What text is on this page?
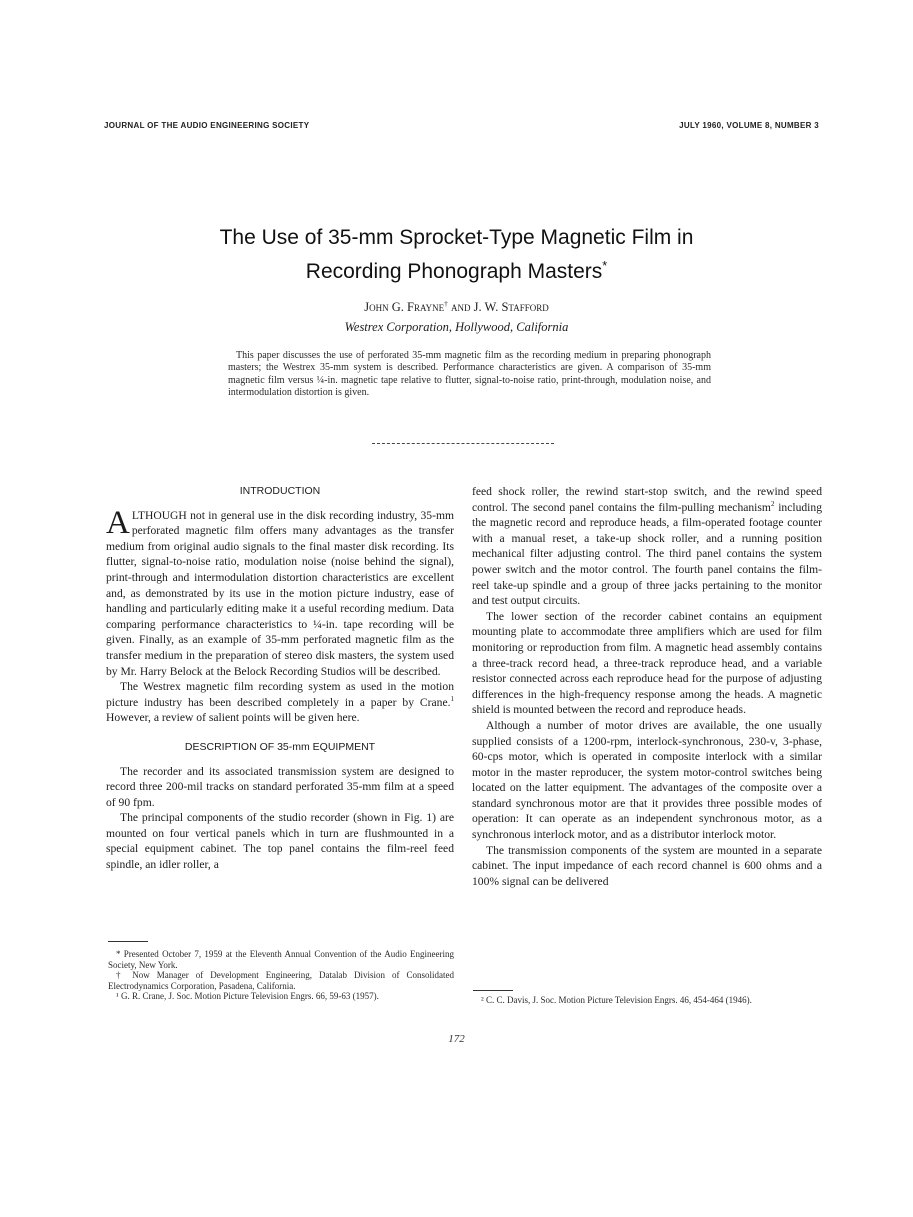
JOURNAL OF THE AUDIO ENGINEERING SOCIETY	JULY 1960, VOLUME 8, NUMBER 3
The Use of 35-mm Sprocket-Type Magnetic Film in
Recording Phonograph Masters*
John G. Frayne† and J. W. Stafford
Westrex Corporation, Hollywood, California
This paper discusses the use of perforated 35-mm magnetic film as the recording medium in preparing phonograph masters; the Westrex 35-mm system is described. Performance characteristics are given. A comparison of 35-mm magnetic film versus ¼-in. magnetic tape relative to flutter, signal-to-noise ratio, print-through, modulation noise, and intermodulation distortion is given.
INTRODUCTION

ALTHOUGH not in general use in the disk recording industry, 35-mm perforated magnetic film offers many advantages as the transfer medium from original audio signals to the final master disk recording. Its flutter, signal-to-noise ratio, modulation noise (noise behind the signal), print-through and intermodulation distortion characteristics are excellent and, as demonstrated by its use in the motion picture industry, ease of handling and particularly editing make it a useful recording medium. Data comparing performance characteristics to ¼-in. tape recording will be given. Finally, as an example of 35-mm perforated magnetic film as the transfer medium in the preparation of stereo disk masters, the system used by Mr. Harry Belock at the Belock Recording Studios will be described.

The Westrex magnetic film recording system as used in the motion picture industry has been described completely in a paper by Crane.$^1$ However, a review of salient points will be given here.

DESCRIPTION OF 35-mm EQUIPMENT

The recorder and its associated transmission system are designed to record three 200-mil tracks on standard perforated 35-mm film at a speed of 90 fpm.

The principal components of the studio recorder (shown in Fig. 1) are mounted on four vertical panels which in turn are flushmounted in a special equipment cabinet. The top panel contains the film-reel feed spindle, an idler roller, a

feed shock roller, the rewind start-stop switch, and the rewind speed control. The second panel contains the film-pulling mechanism$^2$ including the magnetic record and reproduce heads, a film-operated footage counter with a manual reset, a take-up shock roller, and a running position mechanical filter adjusting control. The third panel contains the system power switch and the motor control. The fourth panel contains the film-reel take-up spindle and a group of three jacks pertaining to the monitor and test output circuits.

The lower section of the recorder cabinet contains an equipment mounting plate to accommodate three amplifiers which are used for film monitoring or reproduction from film. A magnetic head assembly contains a three-track record head, a three-track reproduce head, and a variable resistor connected across each reproduce head for the purpose of adjusting differences in the high-frequency response among the heads. A magnetic shield is mounted between the record and reproduce heads.

Although a number of motor drives are available, the one usually supplied consists of a 1200-rpm, interlock-synchronous, 230-v, 3-phase, 60-cps motor, which is operated in composite interlock with a similar motor in the master reproducer, the system motor-control switches being located on the latter equipment. The advantages of the composite over a standard synchronous motor are that it provides three possible modes of operation: It can operate as an independent synchronous motor, as a synchronous interlock motor, and as a distributor interlock motor.

The transmission components of the system are mounted in a separate cabinet. The input impedance of each record channel is 600 ohms and a 100% signal can be delivered

* Presented October 7, 1959 at the Eleventh Annual Convention of the Audio Engineering Society, New York.

† Now Manager of Development Engineering, Datalab Division of Consolidated Electrodynamics Corporation, Pasadena, California.

¹ G. R. Crane, J. Soc. Motion Picture Television Engrs. 66, 59-63 (1957).	² C. C. Davis, J. Soc. Motion Picture Television Engrs. 46, 454-464 (1946).

172
